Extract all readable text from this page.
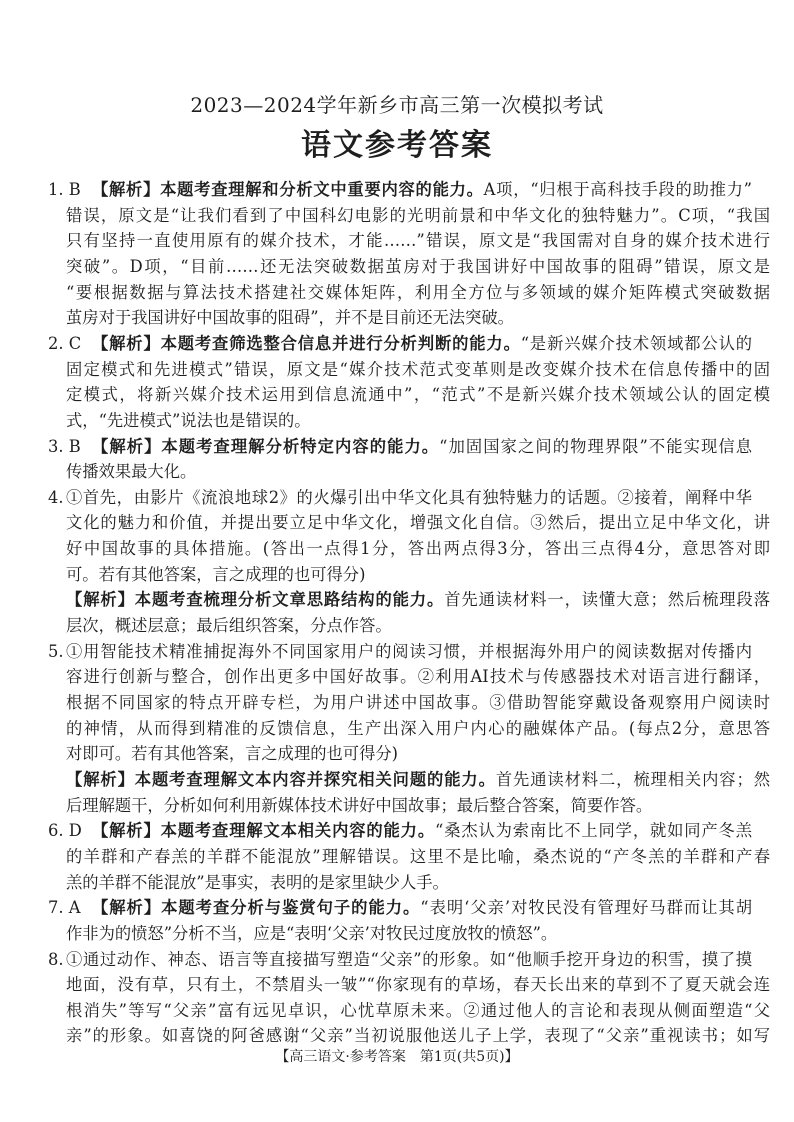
2023—2024学年新乡市高三第一次模拟考试
语文参考答案
1. B 【解析】本题考查理解和分析文中重要内容的能力。A项，“归根于高科技手段的助推力”
错误，原文是“让我们看到了中国科幻电影的光明前景和中华文化的独特魅力”。C项，“我国
只有坚持一直使用原有的媒介技术，才能……”错误，原文是“我国需对自身的媒介技术进行
突破”。D项，“目前……还无法突破数据茧房对于我国讲好中国故事的阻碍”错误，原文是
“要根据数据与算法技术搭建社交媒体矩阵，利用全方位与多领域的媒介矩阵模式突破数据
茧房对于我国讲好中国故事的阻碍”，并不是目前还无法突破。
2. C 【解析】本题考查筛选整合信息并进行分析判断的能力。“是新兴媒介技术领域都公认的
固定模式和先进模式”错误，原文是“媒介技术范式变革则是改变媒介技术在信息传播中的固
定模式，将新兴媒介技术运用到信息流通中”，“范式”不是新兴媒介技术领域公认的固定模
式，“先进模式”说法也是错误的。
3. B 【解析】本题考查理解分析特定内容的能力。“加固国家之间的物理界限”不能实现信息
传播效果最大化。
4. ①首先，由影片《流浪地球2》的火爆引出中华文化具有独特魅力的话题。②接着，阐释中华
文化的魅力和价值，并提出要立足中华文化，增强文化自信。③然后，提出立足中华文化，讲
好中国故事的具体措施。(答出一点得1分，答出两点得3分，答出三点得4分，意思答对即
可。若有其他答案，言之成理的也可得分)
【解析】本题考查梳理分析文章思路结构的能力。首先通读材料一，读懂大意；然后梳理段落
层次，概述层意；最后组织答案，分点作答。
5. ①用智能技术精准捕捉海外不同国家用户的阅读习惯，并根据海外用户的阅读数据对传播内
容进行创新与整合，创作出更多中国好故事。②利用AI技术与传感器技术对语言进行翻译，
根据不同国家的特点开辟专栏，为用户讲述中国故事。③借助智能穿戴设备观察用户阅读时
的神情，从而得到精准的反馈信息，生产出深入用户内心的融媒体产品。(每点2分，意思答
对即可。若有其他答案，言之成理的也可得分)
【解析】本题考查理解文本内容并探究相关问题的能力。首先通读材料二，梳理相关内容；然
后理解题干，分析如何利用新媒体技术讲好中国故事；最后整合答案，简要作答。
6. D 【解析】本题考查理解文本相关内容的能力。“桑杰认为索南比不上同学，就如同产冬羔
的羊群和产春羔的羊群不能混放”理解错误。这里不是比喻，桑杰说的“产冬羔的羊群和产春
羔的羊群不能混放”是事实，表明的是家里缺少人手。
7. A 【解析】本题考查分析与鉴赏句子的能力。“表明‘父亲’对牧民没有管理好马群而让其胡
作非为的愤怒”分析不当，应是“表明‘父亲’对牧民过度放牧的愤怒”。
8. ①通过动作、神态、语言等直接描写塑造“父亲”的形象。如“他顺手挖开身边的积雪，摸了摸
地面，没有草，只有土，不禁眉头一皱”“你家现有的草场，春天长出来的草到不了夏天就会连
根消失”等写“父亲”富有远见卓识，心忧草原未来。②通过他人的言论和表现从侧面塑造“父
亲”的形象。如喜饶的阿爸感谢“父亲”当初说服他送儿子上学，表现了“父亲”重视读书；如写
【高三语文·参考答案　第1页(共5页)】
